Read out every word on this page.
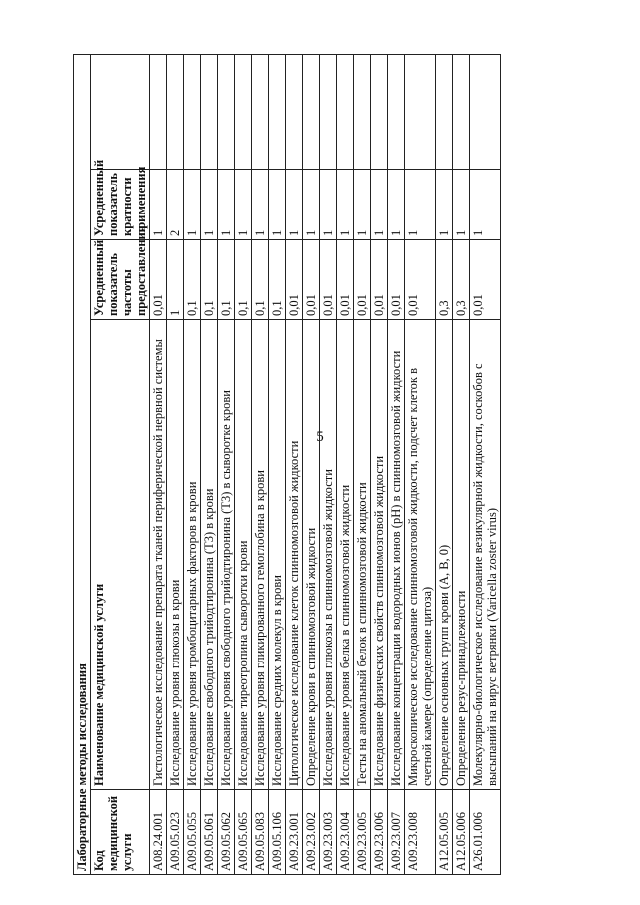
5
Лабораторные методы исследования				
Код медицинской услуги	Наименование медицинской услуги	Усредненный показатель частоты предоставления	Усредненный показатель кратности применения	
A08.24.001	Гистологическое исследование препарата тканей периферической нервной системы	0,01	1	
A09.05.023	Исследование уровня глюкозы в крови	1	2	
A09.05.055	Исследование уровня тромбоцитарных факторов в крови	0,1	1	
A09.05.061	Исследование свободного трийодтиронина (Т3) в крови	0,1	1	
A09.05.062	Исследование уровня свободного трийодтиронина (Т3) в сыворотке крови	0,1	1	
A09.05.065	Исследование тиреотропина сыворотки крови	0,1	1	
A09.05.083	Исследование уровня гликированного гемоглобина в крови	0,1	1	
A09.05.106	Исследование средних молекул в крови	0,1	1	
A09.23.001	Цитологическое исследование клеток спинномозговой жидкости	0,01	1	
A09.23.002	Определение крови в спинномозговой жидкости	0,01	1	
A09.23.003	Исследование уровня глюкозы в спинномозговой жидкости	0,01	1	
A09.23.004	Исследование уровня белка в спинномозговой жидкости	0,01	1	
A09.23.005	Тесты на аномальный белок в спинномозговой жидкости	0,01	1	
A09.23.006	Исследование физических свойств спинномозговой жидкости	0,01	1	
A09.23.007	Исследование концентрации водородных ионов (рН) в спинномозговой жидкости	0,01	1	
A09.23.008	Микроскопическое исследование спинномозговой жидкости, подсчет клеток в счетной камере (определение цитоза)	0,01	1	
A12.05.005	Определение основных групп крови (А, В, 0)	0,3	1	
A12.05.006	Определение резус-принадлежности	0,3	1	
A26.01.006	Молекулярно-биологическое исследование везикулярной жидкости, соскобов с высыпаний на вирус ветрянки (Varicella zoster virus)	0,01	1	
